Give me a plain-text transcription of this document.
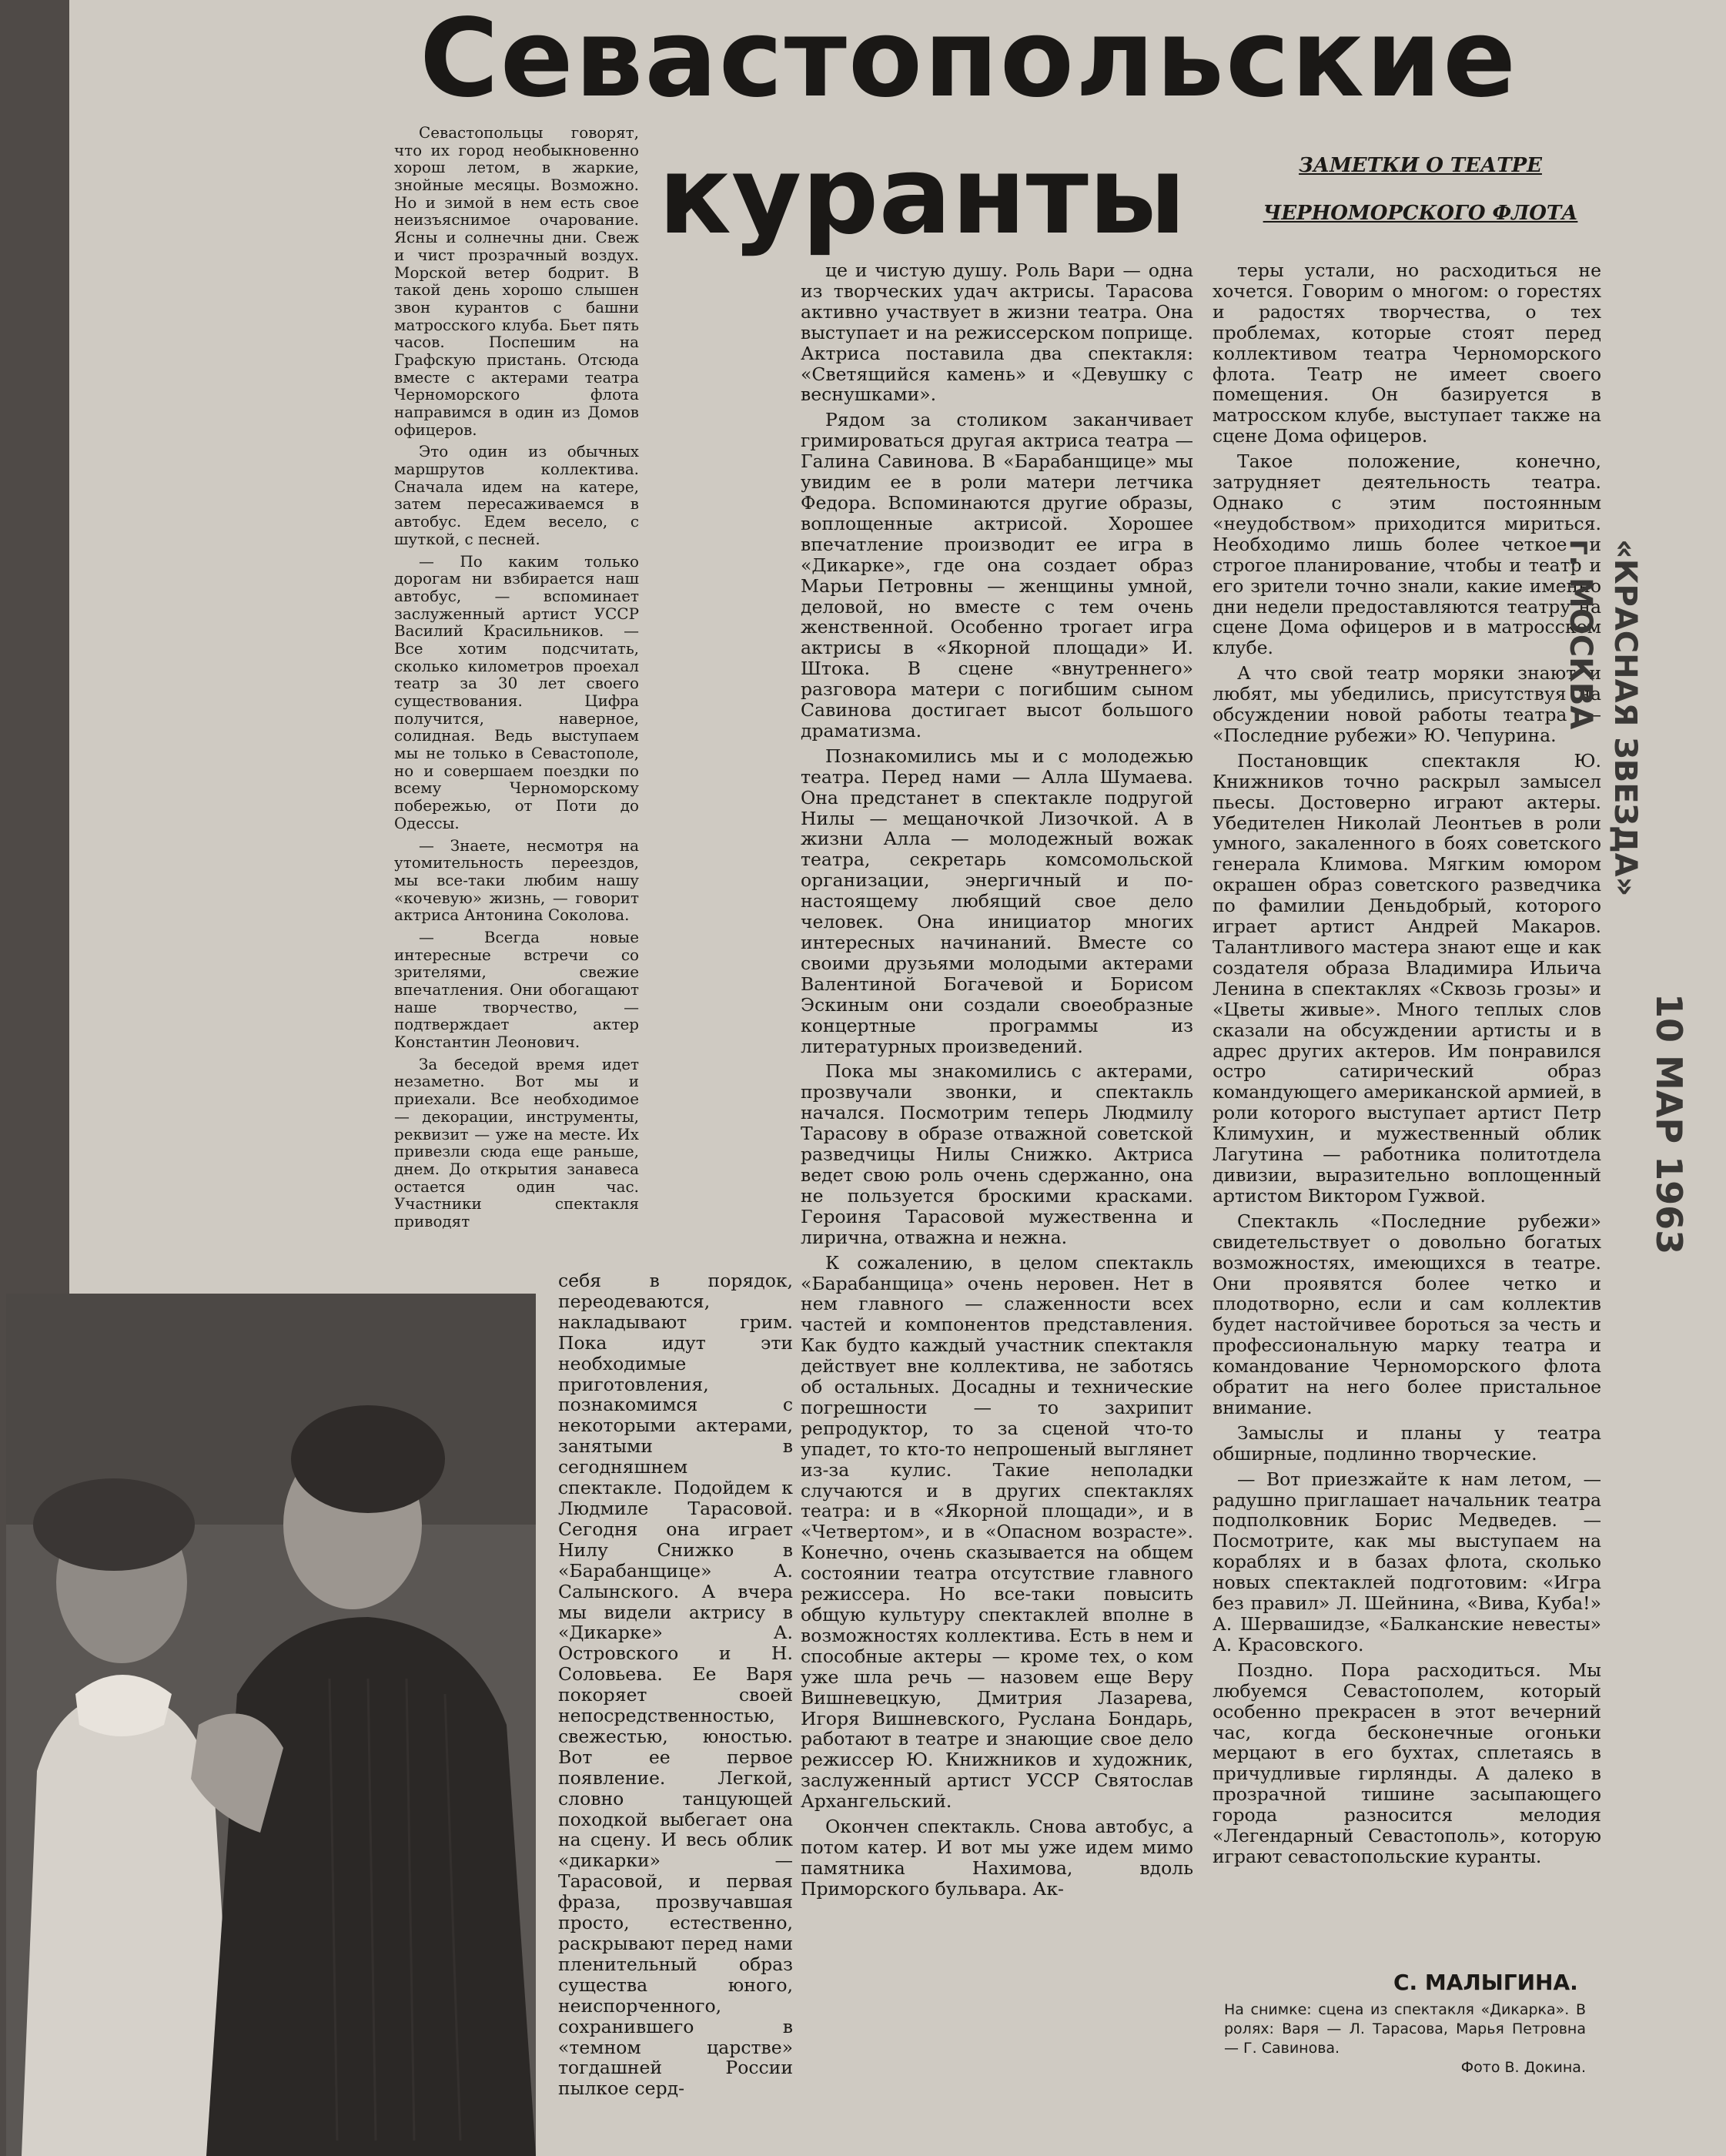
Севастопольские
куранты	ЗАМЕТКИ О ТЕАТРЕ
ЧЕРНОМОРСКОГО ФЛОТА

Севастопольцы говорят, что их город необыкновенно хорош летом, в жаркие, знойные месяцы. Возможно. Но и зимой в нем есть свое неизъяснимое очарование. Ясны и солнечны дни. Свеж и чист прозрачный воздух. Морской ветер бодрит. В такой день хорошо слышен звон курантов с башни матросского клуба. Бьет пять часов. Поспешим на Графскую пристань. Отсюда вместе с актерами театра Черноморского флота направимся в один из Домов офицеров.

Это один из обычных маршрутов коллектива. Сначала идем на катере, затем пересаживаемся в автобус. Едем весело, с шуткой, с песней.

— По каким только дорогам ни взбирается наш автобус, — вспоминает заслуженный артист УССР Василий Красильников. — Все хотим подсчитать, сколько километров проехал театр за 30 лет своего существования. Цифра получится, наверное, солидная. Ведь выступаем мы не только в Севастополе, но и совершаем поездки по всему Черноморскому побережью, от Поти до Одессы.

— Знаете, несмотря на утомительность переездов, мы все-таки любим нашу «кочевую» жизнь, — говорит актриса Антонина Соколова.

— Всегда новые интересные встречи со зрителями, свежие впечатления. Они обогащают наше творчество, — подтверждает актер Константин Леонович.

За беседой время идет незаметно. Вот мы и приехали. Все необходимое — декорации, инструменты, реквизит — уже на месте. Их привезли сюда еще раньше, днем. До открытия занавеса остается один час. Участники спектакля приводят

себя в порядок, переодеваются, накладывают грим. Пока идут эти необходимые приготовления, познакомимся с некоторыми актерами, занятыми в сегодняшнем спектакле. Подойдем к Людмиле Тарасовой. Сегодня она играет Нилу Снижко в «Барабанщице» А. Салынского. А вчера мы видели актрису в «Дикарке» А. Островского и Н. Соловьева. Ее Варя покоряет своей непосредственностью, свежестью, юностью. Вот ее первое появление. Легкой, словно танцующей походкой выбегает она на сцену. И весь облик «дикарки» — Тарасовой, и первая фраза, прозвучавшая просто, естественно, раскрывают перед нами пленительный образ существа юного, неиспорченного, сохранившего в «темном царстве» тогдашней России пылкое серд-

це и чистую душу. Роль Вари — одна из творческих удач актрисы. Тарасова активно участвует в жизни театра. Она выступает и на режиссерском поприще. Актриса поставила два спектакля: «Светящийся камень» и «Девушку с веснушками».

Рядом за столиком заканчивает гримироваться другая актриса театра — Галина Савинова. В «Барабанщице» мы увидим ее в роли матери летчика Федора. Вспоминаются другие образы, воплощенные актрисой. Хорошее впечатление производит ее игра в «Дикарке», где она создает образ Марьи Петровны — женщины умной, деловой, но вместе с тем очень женственной. Особенно трогает игра актрисы в «Якорной площади» И. Штока. В сцене «внутреннего» разговора матери с погибшим сыном Савинова достигает высот большого драматизма.

Познакомились мы и с молодежью театра. Перед нами — Алла Шумаева. Она предстанет в спектакле подругой Нилы — мещаночкой Лизочкой. А в жизни Алла — молодежный вожак театра, секретарь комсомольской организации, энергичный и по-настоящему любящий свое дело человек. Она инициатор многих интересных начинаний. Вместе со своими друзьями молодыми актерами Валентиной Богачевой и Борисом Эскиным они создали своеобразные концертные программы из литературных произведений.

Пока мы знакомились с актерами, прозвучали звонки, и спектакль начался. Посмотрим теперь Людмилу Тарасову в образе отважной советской разведчицы Нилы Снижко. Актриса ведет свою роль очень сдержанно, она не пользуется броскими красками. Героиня Тарасовой мужественна и лирична, отважна и нежна.

К сожалению, в целом спектакль «Барабанщица» очень неровен. Нет в нем главного — слаженности всех частей и компонентов представления. Как будто каждый участник спектакля действует вне коллектива, не заботясь об остальных. Досадны и технические погрешности — то захрипит репродуктор, то за сценой что-то упадет, то кто-то непрошеный выглянет из-за кулис. Такие неполадки случаются и в других спектаклях театра: и в «Якорной площади», и в «Четвертом», и в «Опасном возрасте». Конечно, очень сказывается на общем состоянии театра отсутствие главного режиссера. Но все-таки повысить общую культуру спектаклей вполне в возможностях коллектива. Есть в нем и способные актеры — кроме тех, о ком уже шла речь — назовем еще Веру Вишневецкую, Дмитрия Лазарева, Игоря Вишневского, Руслана Бондарь, работают в театре и знающие свое дело режиссер Ю. Книжников и художник, заслуженный артист УССР Святослав Архангельский.

Окончен спектакль. Снова автобус, а потом катер. И вот мы уже идем мимо памятника Нахимова, вдоль Приморского бульвара. Ак-

теры устали, но расходиться не хочется. Говорим о многом: о горестях и радостях творчества, о тех проблемах, которые стоят перед коллективом театра Черноморского флота. Театр не имеет своего помещения. Он базируется в матросском клубе, выступает также на сцене Дома офицеров.

Такое положение, конечно, затрудняет деятельность театра. Однако с этим постоянным «неудобством» приходится мириться. Необходимо лишь более четкое и строгое планирование, чтобы и театр и его зрители точно знали, какие именно дни недели предоставляются театру на сцене Дома офицеров и в матросском клубе.

А что свой театр моряки знают и любят, мы убедились, присутствуя на обсуждении новой работы театра — «Последние рубежи» Ю. Чепурина.

Постановщик спектакля Ю. Книжников точно раскрыл замысел пьесы. Достоверно играют актеры. Убедителен Николай Леонтьев в роли умного, закаленного в боях советского генерала Климова. Мягким юмором окрашен образ советского разведчика по фамилии Деньдобрый, которого играет артист Андрей Макаров. Талантливого мастера знают еще и как создателя образа Владимира Ильича Ленина в спектаклях «Сквозь грозы» и «Цветы живые». Много теплых слов сказали на обсуждении артисты и в адрес других актеров. Им понравился остро сатирический образ командующего американской армией, в роли которого выступает артист Петр Климухин, и мужественный облик Лагутина — работника политотдела дивизии, выразительно воплощенный артистом Виктором Гужвой.

Спектакль «Последние рубежи» свидетельствует о довольно богатых возможностях, имеющихся в театре. Они проявятся более четко и плодотворно, если и сам коллектив будет настойчивее бороться за честь и профессиональную марку театра и командование Черноморского флота обратит на него более пристальное внимание.

Замыслы и планы у театра обширные, подлинно творческие.

— Вот приезжайте к нам летом, — радушно приглашает начальник театра подполковник Борис Медведев. — Посмотрите, как мы выступаем на кораблях и в базах флота, сколько новых спектаклей подготовим: «Игра без правил» Л. Шейнина, «Вива, Куба!» А. Шервашидзе, «Балканские невесты» А. Красовского.

Поздно. Пора расходиться. Мы любуемся Севастополем, который особенно прекрасен в этот вечерний час, когда бесконечные огоньки мерцают в его бухтах, сплетаясь в причудливые гирлянды. А далеко в прозрачной тишине засыпающего города разносится мелодия «Легендарный Севастополь», которую играют севастопольские куранты.

С. МАЛЫГИНА.
На снимке: сцена из спектакля «Дикарка». В ролях: Варя — Л. Тарасова, Марья Петровна — Г. Савинова.
Фото В. Докина.
г. МОСКВА
10 МАР 1963
